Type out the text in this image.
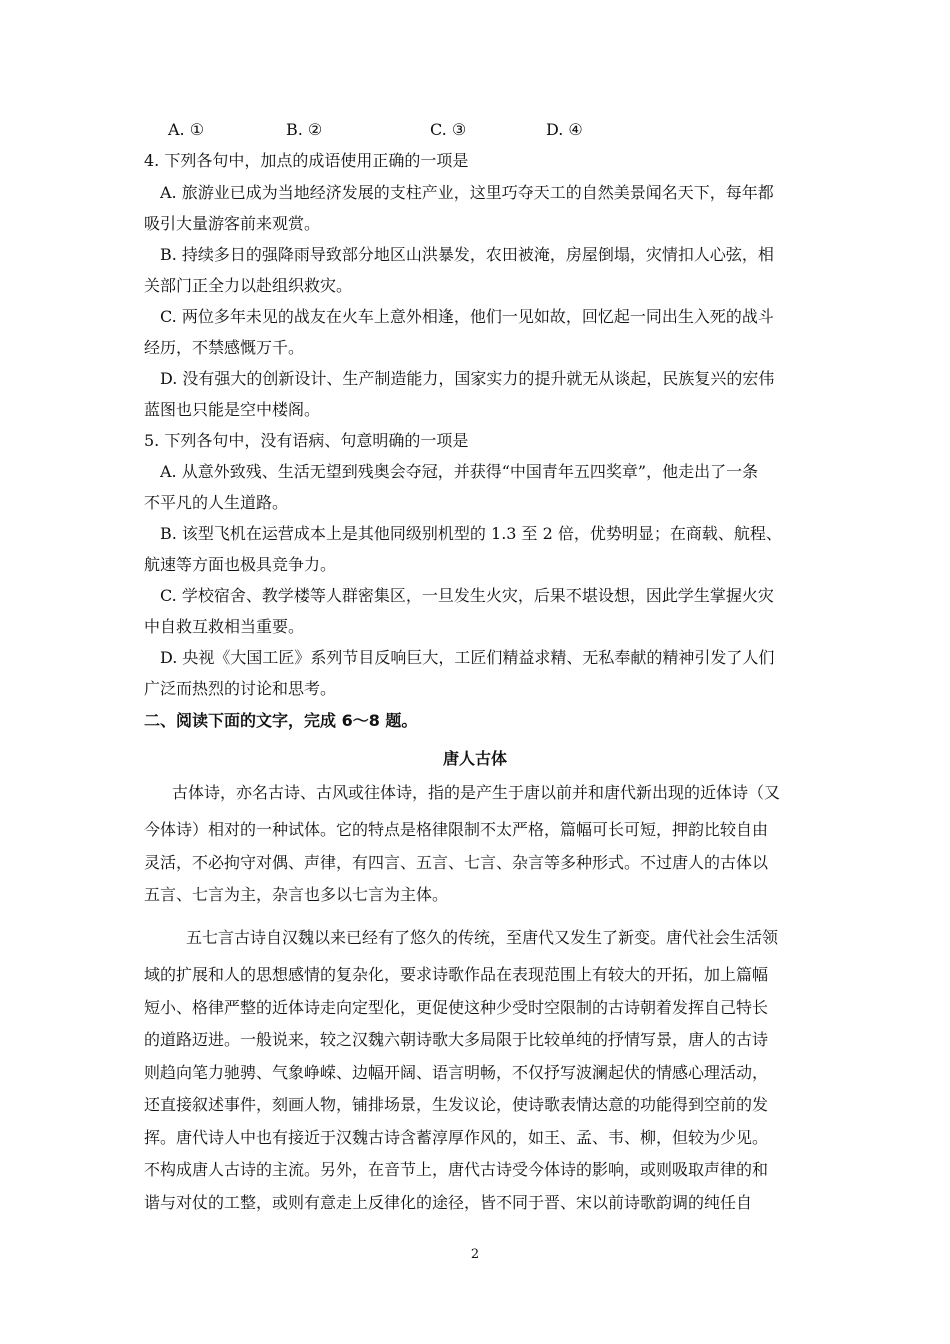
A. ①	B. ②	C. ③	D. ④
4. 下列各句中，加点的成语使用正确的一项是
A. 旅游业已成为当地经济发展的支柱产业，这里巧夺天工的自然美景闻名天下，每年都
吸引大量游客前来观赏。
B. 持续多日的强降雨导致部分地区山洪暴发，农田被淹，房屋倒塌，灾情扣人心弦，相
关部门正全力以赴组织救灾。
C. 两位多年未见的战友在火车上意外相逢，他们一见如故，回忆起一同出生入死的战斗
经历，不禁感慨万千。
D. 没有强大的创新设计、生产制造能力，国家实力的提升就无从谈起，民族复兴的宏伟
蓝图也只能是空中楼阁。
5. 下列各句中，没有语病、句意明确的一项是
A. 从意外致残、生活无望到残奥会夺冠，并获得“中国青年五四奖章”，他走出了一条
不平凡的人生道路。
B. 该型飞机在运营成本上是其他同级别机型的 1.3 至 2 倍，优势明显；在商载、航程、
航速等方面也极具竞争力。
C. 学校宿舍、教学楼等人群密集区，一旦发生火灾，后果不堪设想，因此学生掌握火灾
中自救互救相当重要。
D. 央视《大国工匠》系列节目反响巨大，工匠们精益求精、无私奉献的精神引发了人们
广泛而热烈的讨论和思考。
二、阅读下面的文字，完成 6～8 题。
唐人古体
古体诗，亦名古诗、古风或往体诗，指的是产生于唐以前并和唐代新出现的近体诗（又
今体诗）相对的一种试体。它的特点是格律限制不太严格，篇幅可长可短，押韵比较自由
灵活，不必拘守对偶、声律，有四言、五言、七言、杂言等多种形式。不过唐人的古体以
五言、七言为主，杂言也多以七言为主体。
五七言古诗自汉魏以来已经有了悠久的传统，至唐代又发生了新变。唐代社会生活领
域的扩展和人的思想感情的复杂化，要求诗歌作品在表现范围上有较大的开拓，加上篇幅
短小、格律严整的近体诗走向定型化，更促使这种少受时空限制的古诗朝着发挥自己特长
的道路迈进。一般说来，较之汉魏六朝诗歌大多局限于比较单纯的抒情写景，唐人的古诗
则趋向笔力驰骋、气象峥嵘、边幅开阔、语言明畅，不仅抒写波澜起伏的情感心理活动，
还直接叙述事件，刻画人物，铺排场景，生发议论，使诗歌表情达意的功能得到空前的发
挥。唐代诗人中也有接近于汉魏古诗含蓄淳厚作风的，如王、孟、韦、柳，但较为少见。
不构成唐人古诗的主流。另外，在音节上，唐代古诗受今体诗的影响，或则吸取声律的和
谐与对仗的工整，或则有意走上反律化的途径，皆不同于晋、宋以前诗歌韵调的纯任自
2
